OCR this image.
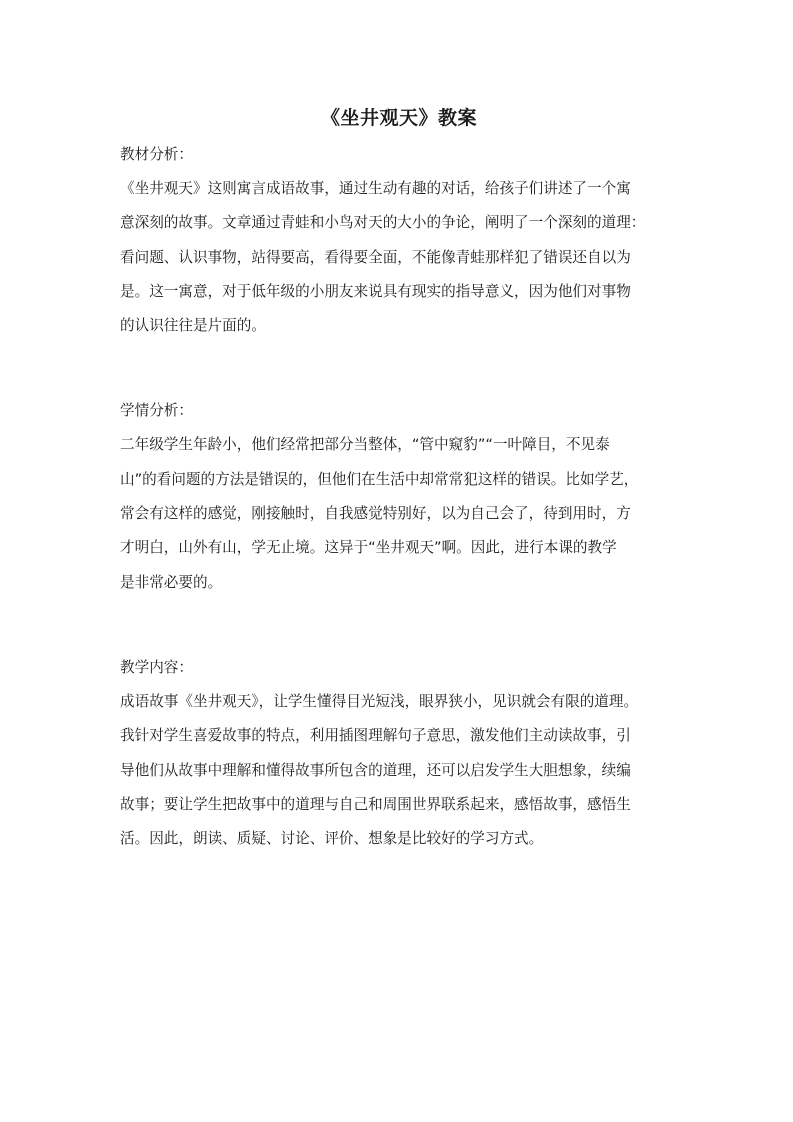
《坐井观天》教案

教材分析：

《坐井观天》这则寓言成语故事，通过生动有趣的对话，给孩子们讲述了一个寓
意深刻的故事。文章通过青蛙和小鸟对天的大小的争论，阐明了一个深刻的道理：
看问题、认识事物，站得要高，看得要全面，不能像青蛙那样犯了错误还自以为
是。这一寓意，对于低年级的小朋友来说具有现实的指导意义，因为他们对事物
的认识往往是片面的。

学情分析：

二年级学生年龄小，他们经常把部分当整体，“管中窥豹”“一叶障目，不见泰
山”的看问题的方法是错误的，但他们在生活中却常常犯这样的错误。比如学艺，
常会有这样的感觉，刚接触时，自我感觉特别好，以为自己会了，待到用时，方
才明白，山外有山，学无止境。这异于“坐井观天”啊。因此，进行本课的教学
是非常必要的。

教学内容：

成语故事《坐井观天》，让学生懂得目光短浅，眼界狭小，见识就会有限的道理。
我针对学生喜爱故事的特点，利用插图理解句子意思，激发他们主动读故事，引
导他们从故事中理解和懂得故事所包含的道理，还可以启发学生大胆想象，续编
故事；要让学生把故事中的道理与自己和周围世界联系起来，感悟故事，感悟生
活。因此，朗读、质疑、讨论、评价、想象是比较好的学习方式。
